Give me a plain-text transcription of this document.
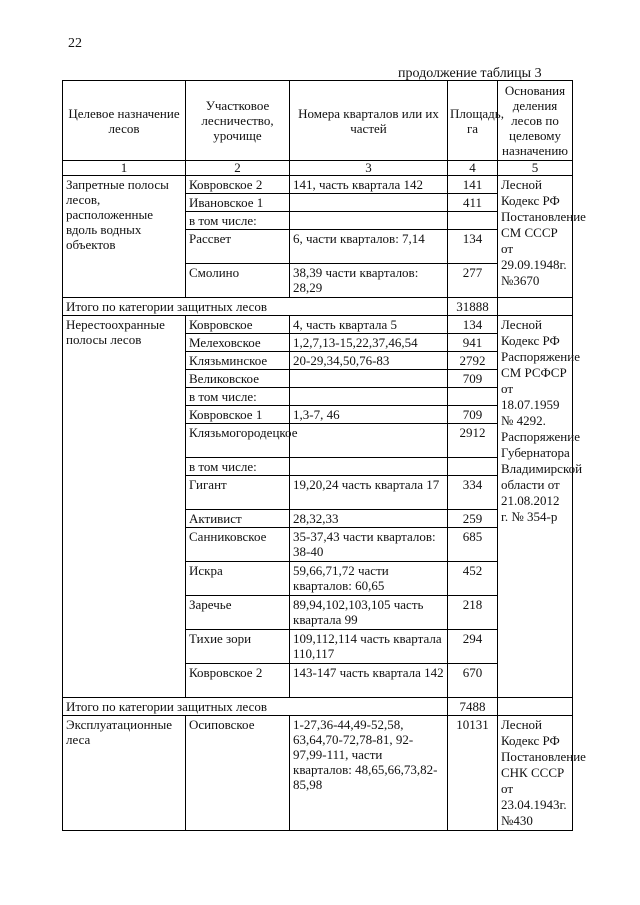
22
продолжение таблицы 3
Целевое назначение лесов	Участковое лесничество, урочище	Номера кварталов или их частей	Площадь, га	Основания деления лесов по целевому назначению
1	2	3	4	5
Запретные полосы лесов, расположенные вдоль водных объектов	Ковровское 2	141, часть квартала 142	141	Лесной Кодекс РФ Постановление СМ СССР от 29.09.1948г. №3670
	Ивановское 1		411	
	в том числе:			
	Рассвет	6, части кварталов: 7,14	134	
	Смолино	38,39 части кварталов: 28,29	277	
Итого по категории защитных лесов			31888	
Нерестоохранные полосы лесов	Ковровское	4, часть квартала 5	134	Лесной Кодекс РФ Распоряжение СМ РСФСР от 18.07.1959 № 4292. Распоряжение Губернатора Владимирской области от 21.08.2012 г. № 354-р
	Мелеховское	1,2,7,13-15,22,37,46,54	941	
	Клязьминское	20-29,34,50,76-83	2792	
	Великовское		709	
	в том числе:			
	Ковровское 1	1,3-7, 46	709	
	Клязьмогородецкое		2912	
	в том числе:			
	Гигант	19,20,24 часть квартала 17	334	
	Активист	28,32,33	259	
	Санниковское	35-37,43 части кварталов: 38-40	685	
	Искра	59,66,71,72 части кварталов: 60,65	452	
	Заречье	89,94,102,103,105 часть квартала 99	218	
	Тихие зори	109,112,114 часть квартала 110,117	294	
	Ковровское 2	143-147 часть квартала 142	670	
Итого по категории защитных лесов			7488	
Эксплуатационные леса	Осиповское	1-27,36-44,49-52,58, 63,64,70-72,78-81, 92-97,99-111, части кварталов: 48,65,66,73,82-85,98	10131	Лесной Кодекс РФ Постановление СНК СССР от 23.04.1943г. №430
